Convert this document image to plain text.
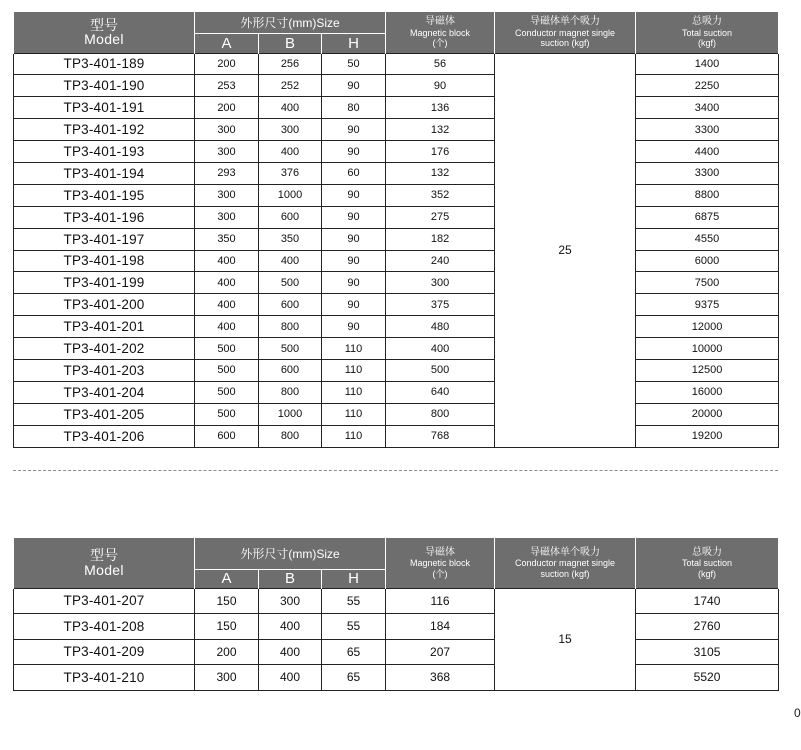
型号
Model	外形尺寸(mm)Size			导磁体
Magnetic block
(个)	导磁体单个吸力
Conductor magnet single
suction (kgf)	总吸力
Total suction
(kgf)

	A	B	H			
TP3-401-189	200	256	50	56	25	1400
TP3-401-190	253	252	90	90		2250
TP3-401-191	200	400	80	136		3400
TP3-401-192	300	300	90	132		3300
TP3-401-193	300	400	90	176		4400
TP3-401-194	293	376	60	132		3300
TP3-401-195	300	1000	90	352		8800
TP3-401-196	300	600	90	275		6875
TP3-401-197	350	350	90	182		4550
TP3-401-198	400	400	90	240		6000
TP3-401-199	400	500	90	300		7500
TP3-401-200	400	600	90	375		9375
TP3-401-201	400	800	90	480		12000
TP3-401-202	500	500	110	400		10000
TP3-401-203	500	600	110	500		12500
TP3-401-204	500	800	110	640		16000
TP3-401-205	500	1000	110	800		20000
TP3-401-206	600	800	110	768		19200
型号
Model	外形尺寸(mm)Size			导磁体
Magnetic block
(个)	导磁体单个吸力
Conductor magnet single
suction (kgf)	总吸力
Total suction
(kgf)

	A	B	H			
TP3-401-207	150	300	55	116	15	1740
TP3-401-208	150	400	55	184		2760
TP3-401-209	200	400	65	207		3105
TP3-401-210	300	400	65	368		5520
0
